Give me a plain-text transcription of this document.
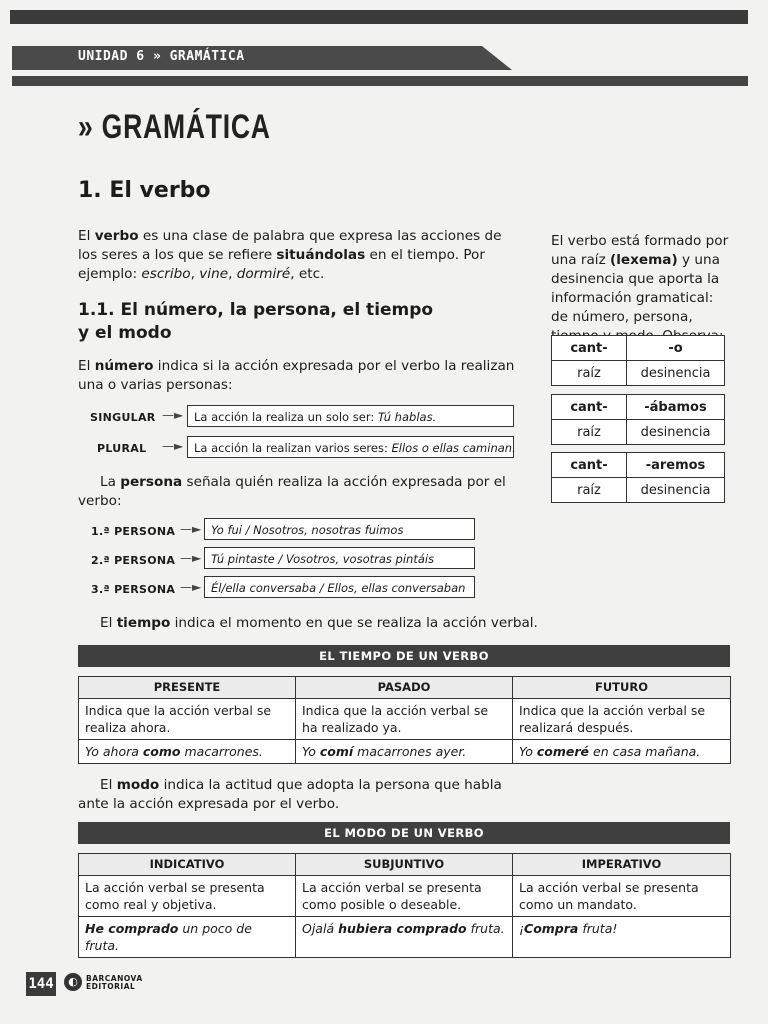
UNIDAD 6 » GRAMÁTICA
» GRAMÁTICA
1. El verbo

El verbo es una clase de palabra que expresa las acciones de los seres a los que se refiere situándolas en el tiempo. Por ejemplo: escribo, vine, dormiré, etc.

El verbo está formado por una raíz (lexema) y una desinencia que aporta la información gramatical: de número, persona,

cant-	-o
raíz	desinencia
cant-	-ábamos
raíz	desinencia
cant-	-aremos
raíz	desinencia
1.1. El número, la persona, el tiempo
y el modo

El número indica si la acción expresada por el verbo la realizan una o varias personas:

SINGULAR —► La acción la realiza un solo ser: Tú hablas.
PLURAL —► La acción la realizan varios seres: Ellos o ellas caminan.

La persona señala quién realiza la acción expresada por el verbo:

1.ª PERSONA —► Yo fui / Nosotros, nosotras fuimos
2.ª PERSONA —► Tú pintaste / Vosotros, vosotras pintáis
3.ª PERSONA —► Él/ella conversaba / Ellos, ellas conversaban

El tiempo indica el momento en que se realiza la acción verbal.

EL TIEMPO DE UN VERBO
PRESENTE	PASADO	FUTURO
Indica que la acción verbal se realiza ahora.	Indica que la acción verbal se ha realizado ya.	Indica que la acción verbal se realizará después.
Yo ahora como macarrones.	Yo comí macarrones ayer.	Yo comeré en casa mañana.

El modo indica la actitud que adopta la persona que habla ante la acción expresada por el verbo.

EL MODO DE UN VERBO
INDICATIVO	SUBJUNTIVO	IMPERATIVO
La acción verbal se presenta como real y objetiva.	La acción verbal se presenta como posible o deseable.	La acción verbal se presenta como un mandato.
He comprado un poco de fruta.	Ojalá hubiera comprado fruta.	¡Compra fruta!
144	◐	BARCANOVA
EDITORIAL
